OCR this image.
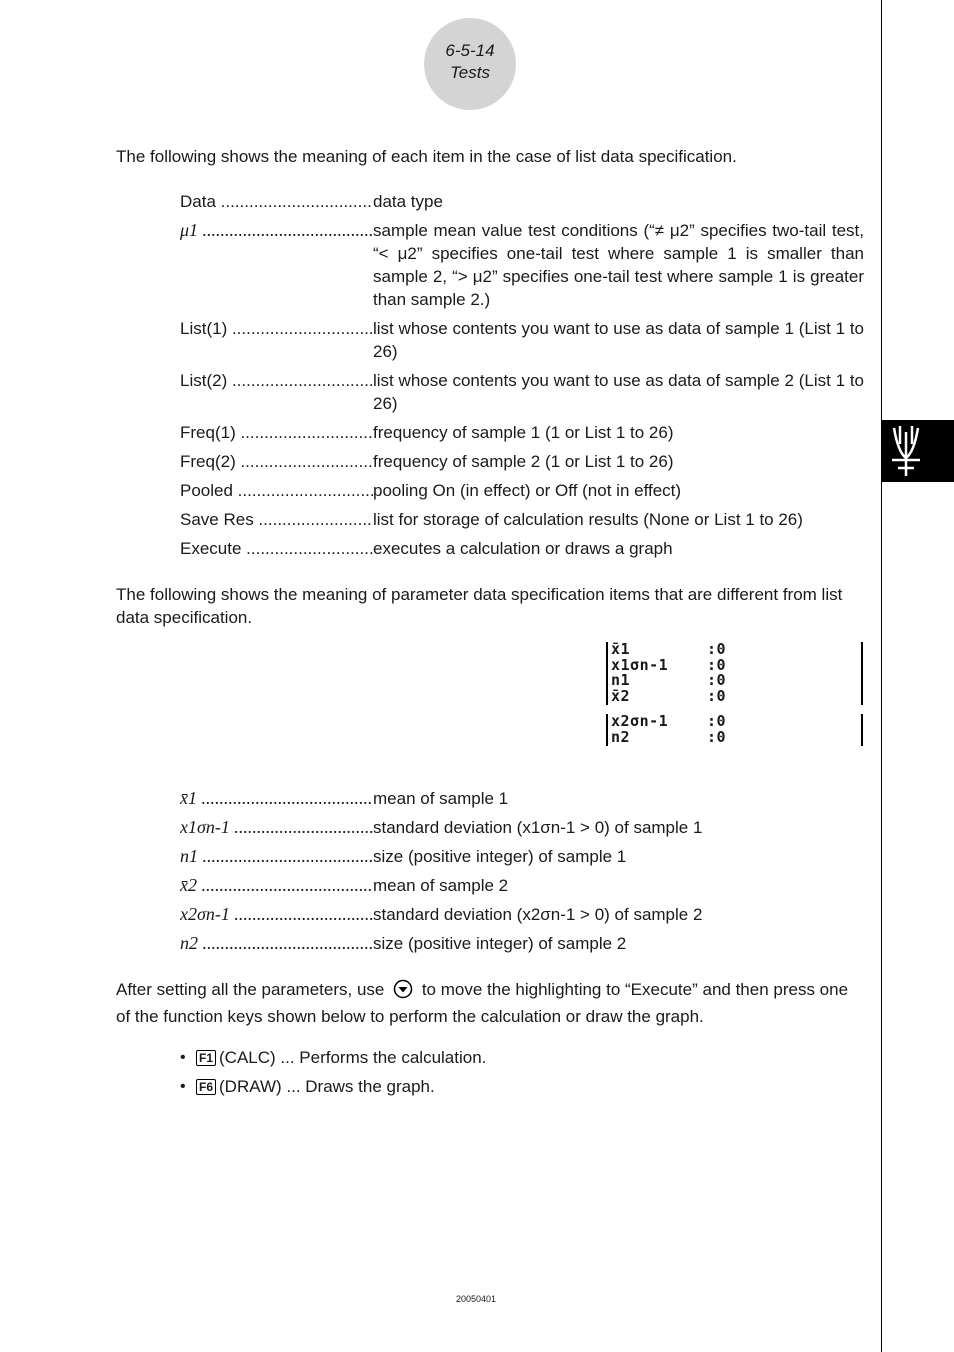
6-5-14
Tests
The following shows the meaning of each item in the case of list data specification.
Data .....	data type
μ1 .....	sample mean value test conditions (“≠ μ2” specifies two-tail test, “< μ2” specifies one-tail test where sample 1 is smaller than sample 2, “> μ2” specifies one-tail test where sample 1 is greater than sample 2.)
List(1) .....	list whose contents you want to use as data of sample 1 (List 1 to 26)
List(2) .....	list whose contents you want to use as data of sample 2 (List 1 to 26)
Freq(1) .....	frequency of sample 1 (1 or List 1 to 26)
Freq(2) .....	frequency of sample 2 (1 or List 1 to 26)
Pooled .....	pooling On (in effect) or Off (not in effect)
Save Res .....	list for storage of calculation results (None or List 1 to 26)
Execute .....	executes a calculation or draws a graph
The following shows the meaning of parameter data specification items that are different from list data specification.
x̄1	:0
x1σn-1	:0
n1	:0
x̄2	:0
x2σn-1	:0
n2	:0
x̄1 .....	mean of sample 1
x1σn-1 .....	standard deviation (x1σn-1 > 0) of sample 1
n1 .....	size (positive integer) of sample 1
x̄2 .....	mean of sample 2
x2σn-1 .....	standard deviation (x2σn-1 > 0) of sample 2
n2 .....	size (positive integer) of sample 2
After setting all the parameters, use to move the highlighting to “Execute” and then press one of the function keys shown below to perform the calculation or draw the graph.
•	F1 (CALC) ... Performs the calculation.
•	F6 (DRAW) ... Draws the graph.
20050401
